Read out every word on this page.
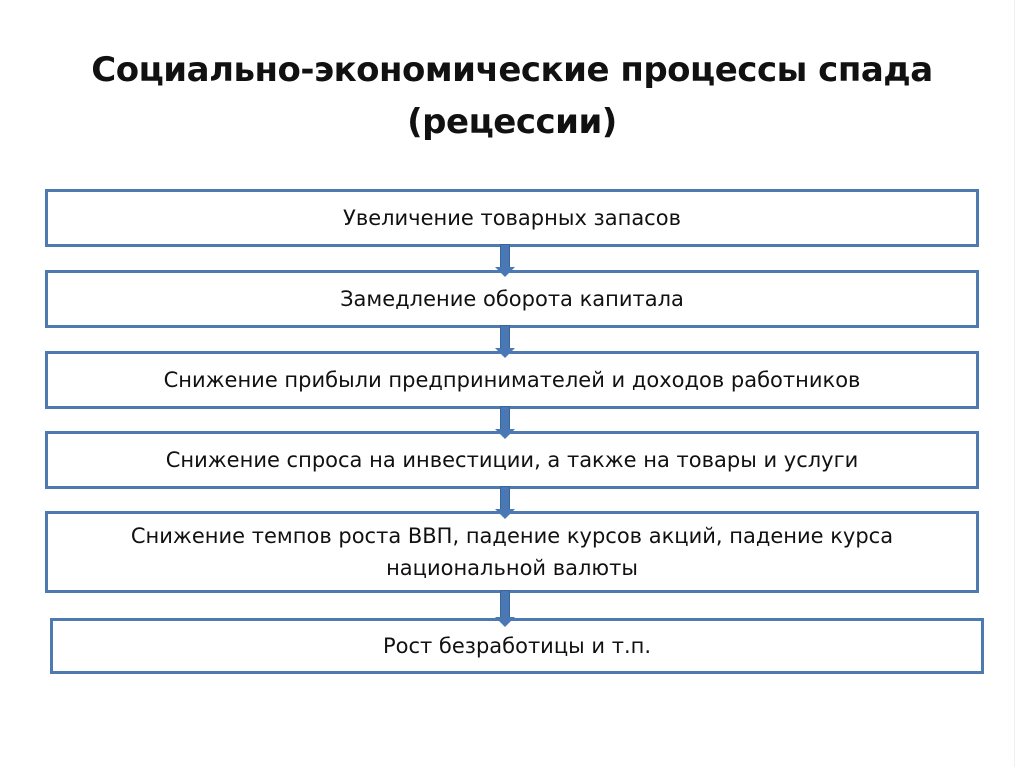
Социально-экономические процессы спада
(рецессии)
Увеличение товарных запасов
Замедление оборота капитала
Снижение прибыли предпринимателей и доходов работников
Снижение спроса на инвестиции, а также на товары и услуги
Снижение темпов роста ВВП, падение курсов акций, падение курса
национальной валюты
Рост безработицы и т.п.
